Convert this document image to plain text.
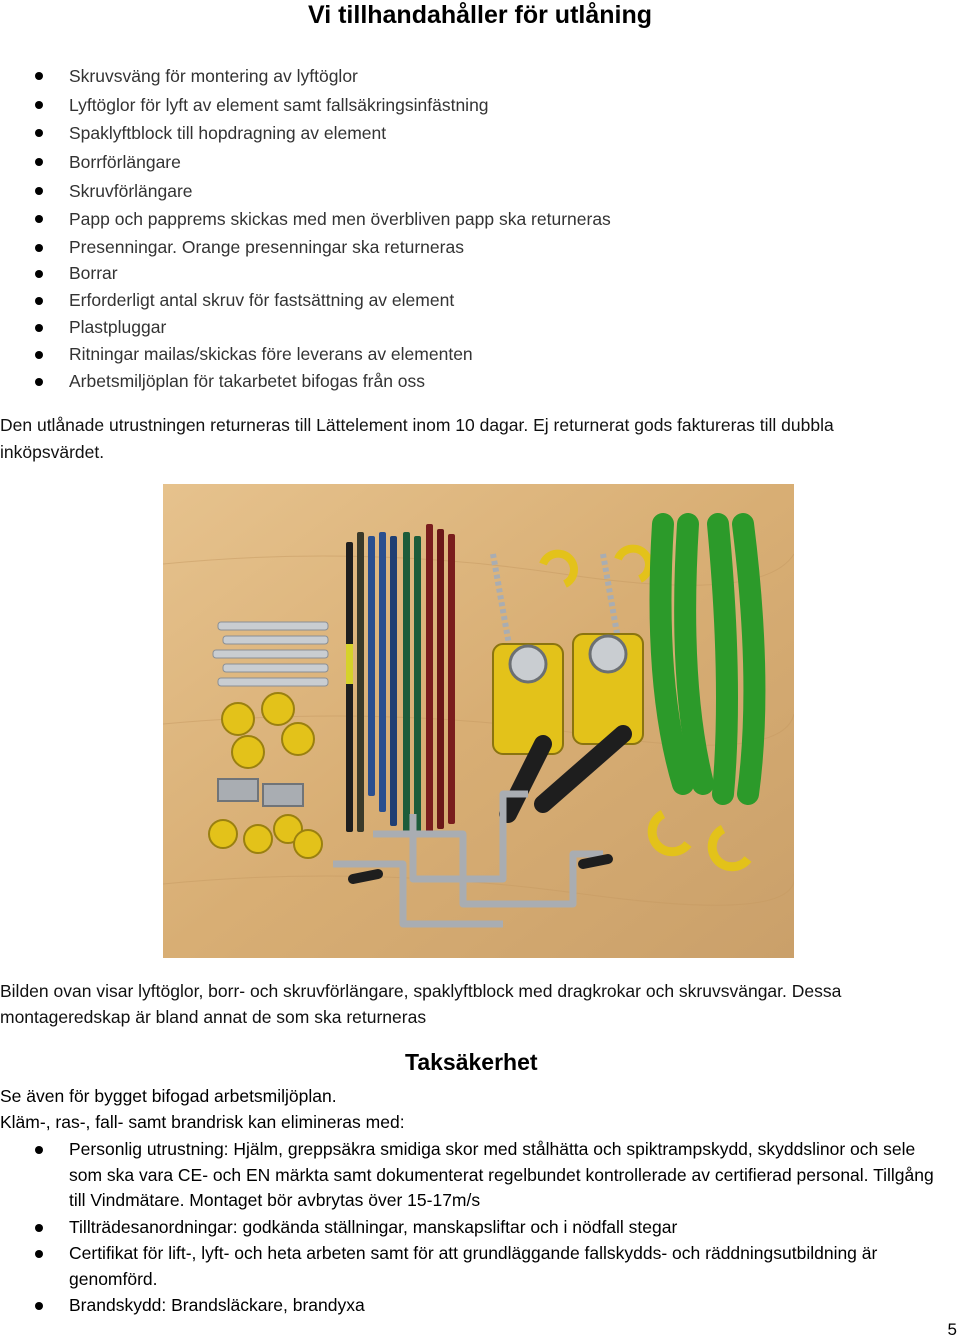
Vi tillhandahåller för utlåning
Skruvsväng för montering av lyftöglor
Lyftöglor för lyft av element samt fallsäkringsinfästning
Spaklyftblock till hopdragning av element
Borrförlängare
Skruvförlängare
Papp och papprems skickas med men överbliven papp ska returneras
Presenningar. Orange presenningar ska returneras
Borrar
Erforderligt antal skruv för fastsättning av element
Plastpluggar
Ritningar mailas/skickas före leverans av elementen
Arbetsmiljöplan för takarbetet bifogas från oss
Den utlånade utrustningen returneras till Lättelement inom 10 dagar. Ej returnerat gods faktureras till dubbla inköpsvärdet.
Bilden ovan visar lyftöglor, borr- och skruvförlängare, spaklyftblock med dragkrokar och skruvsvängar. Dessa montageredskap är bland annat de som ska returneras
Taksäkerhet
Se även för bygget bifogad arbetsmiljöplan.
Kläm-, ras-, fall- samt brandrisk kan elimineras med:
Personlig utrustning: Hjälm, greppsäkra smidiga skor med stålhätta och spiktrampskydd, skyddslinor och sele som ska vara CE- och EN märkta samt dokumenterat regelbundet kontrollerade av certifierad personal. Tillgång till Vindmätare. Montaget bör avbrytas över 15-17m/s
Tillträdesanordningar: godkända ställningar, manskapsliftar och i nödfall stegar
Certifikat för lift-, lyft- och heta arbeten samt för att grundläggande fallskydds- och räddningsutbildning är genomförd.
Brandskydd: Brandsläckare, brandyxa
5
